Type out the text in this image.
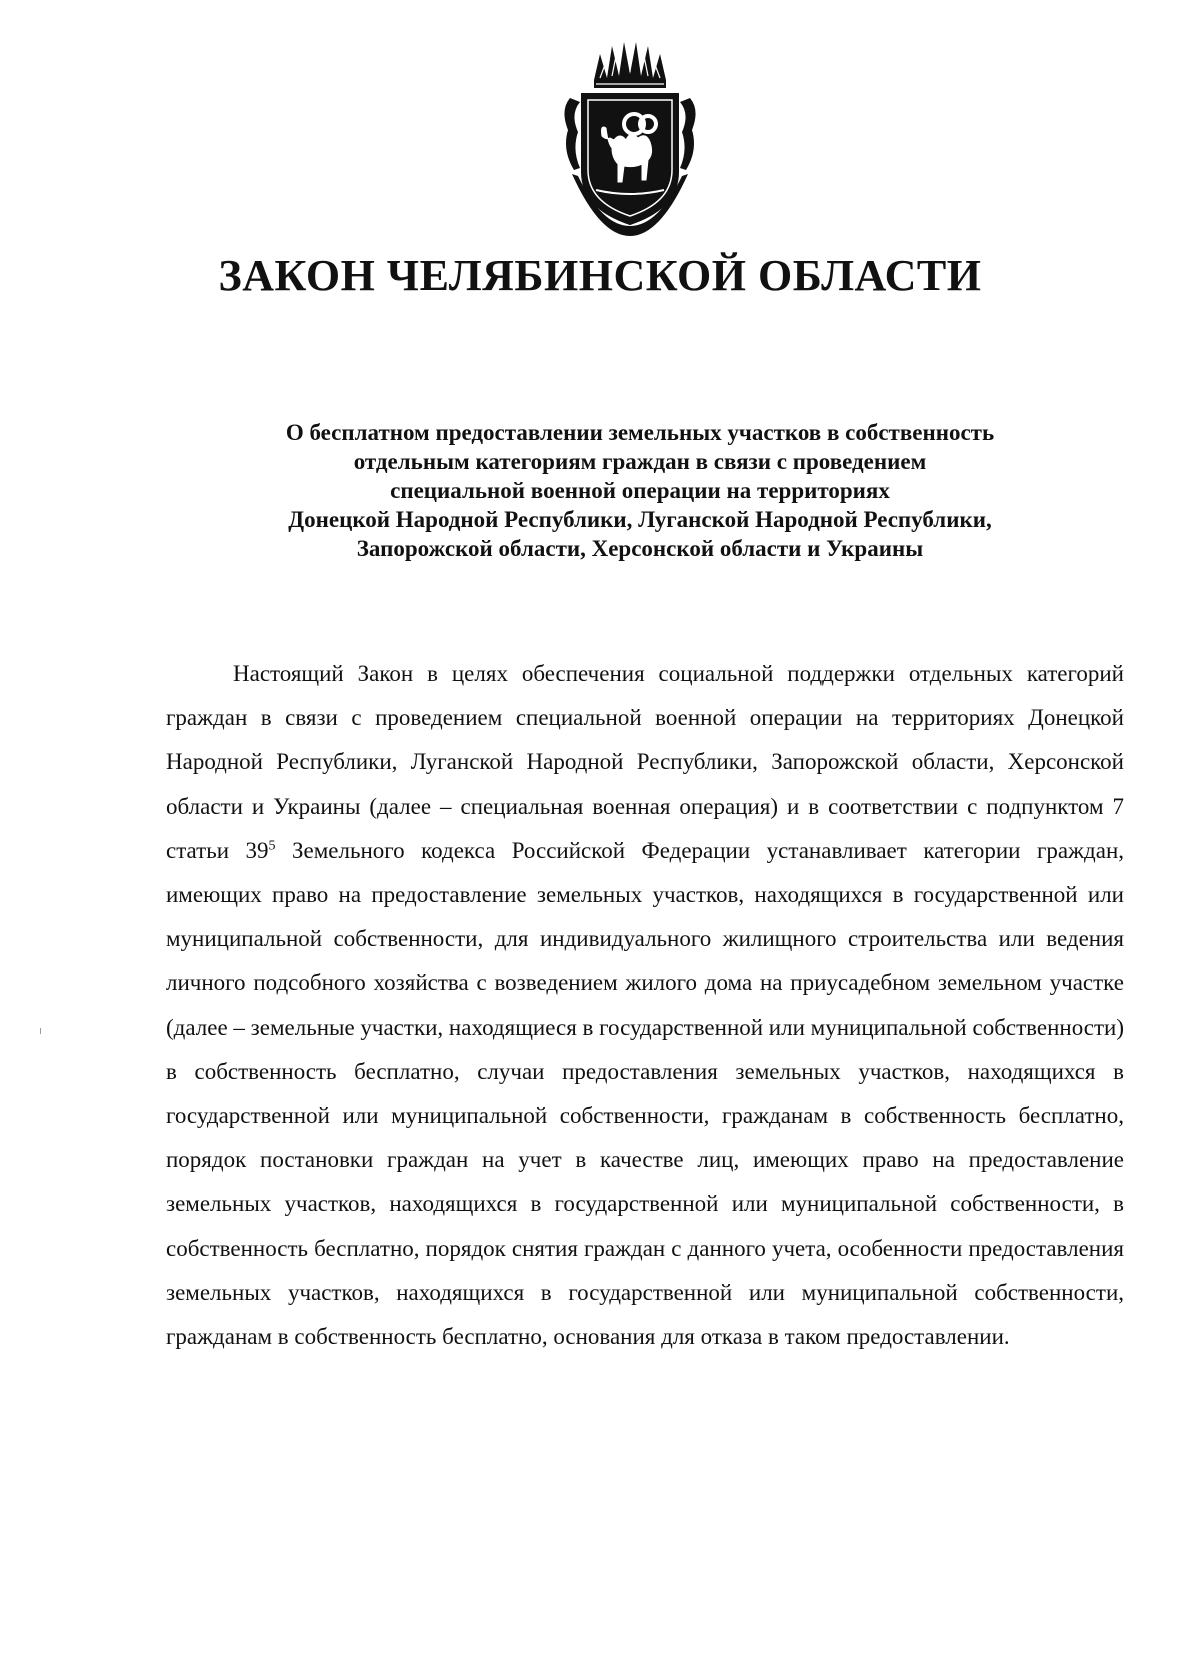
ЗАКОН ЧЕЛЯБИНСКОЙ ОБЛАСТИ
О бесплатном предоставлении земельных участков в собственность
отдельным категориям граждан в связи с проведением
специальной военной операции на территориях
Донецкой Народной Республики, Луганской Народной Республики,
Запорожской области, Херсонской области и Украины

Настоящий Закон в целях обеспечения социальной поддержки отдельных категорий граждан в связи с проведением специальной военной операции на территориях Донецкой Народной Республики, Луганской Народной Республики, Запорожской области, Херсонской области и Украины (далее – специальная военная операция) и в соответствии с подпунктом 7 статьи $39^5$ Земельного кодекса Российской Федерации устанавливает категории граждан, имеющих право на предоставление земельных участков, находящихся в государственной или муниципальной собственности, для индивидуального жилищного строительства или ведения личного подсобного хозяйства с возведением жилого дома на приусадебном земельном участке (далее – земельные участки, находящиеся в государственной или муниципальной собственности) в собственность бесплатно, случаи предоставления земельных участков, находящихся в государственной или муниципальной собственности, гражданам в собственность бесплатно, порядок постановки граждан на учет в качестве лиц, имеющих право на предоставление земельных участков, находящихся в государственной или муниципальной собственности, в собственность бесплатно, порядок снятия граждан с данного учета, особенности предоставления земельных участков, находящихся в государственной или муниципальной собственности, гражданам в собственность бесплатно, основания для отказа в таком предоставлении.
